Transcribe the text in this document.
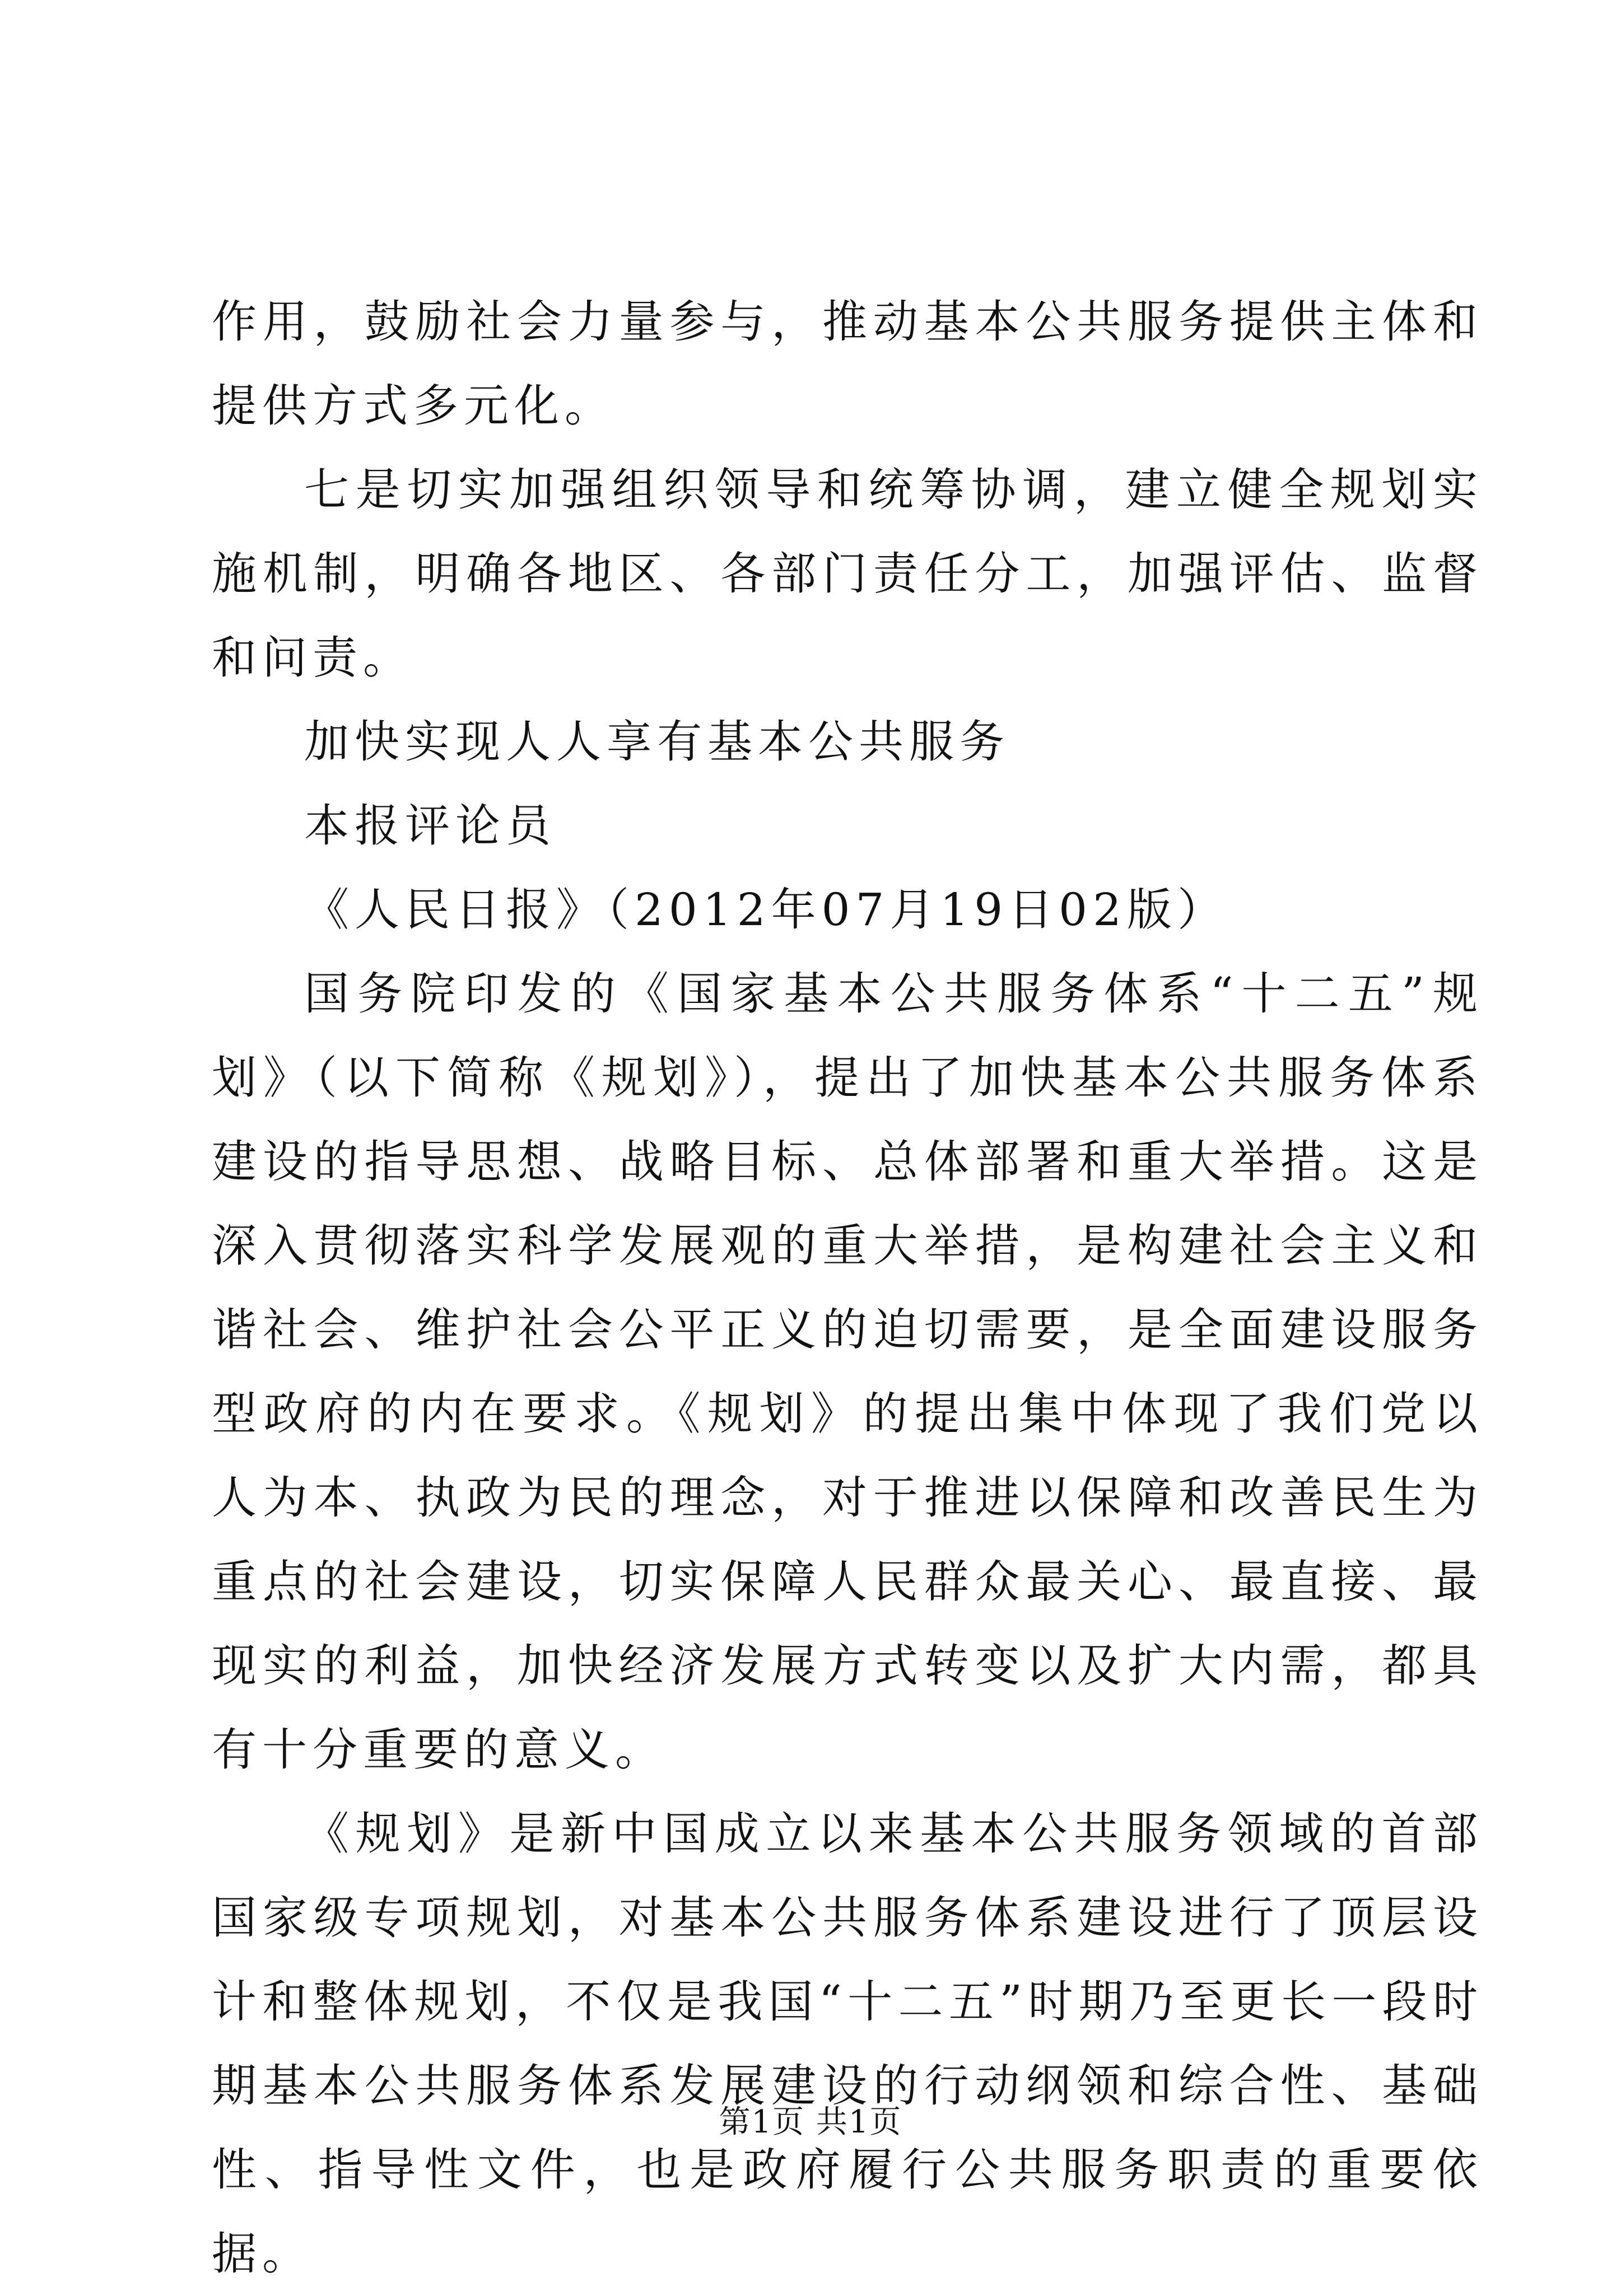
作用，鼓励社会力量参与，推动基本公共服务提供主体和提供方式多元化。

七是切实加强组织领导和统筹协调，建立健全规划实施机制，明确各地区、各部门责任分工，加强评估、监督和问责。

加快实现人人享有基本公共服务

本报评论员

《人民日报》（2012年07月19日02版）

国务院印发的《国家基本公共服务体系“十二五”规划》（以下简称《规划》），提出了加快基本公共服务体系建设的指导思想、战略目标、总体部署和重大举措。这是深入贯彻落实科学发展观的重大举措，是构建社会主义和谐社会、维护社会公平正义的迫切需要，是全面建设服务型政府的内在要求。《规划》的提出集中体现了我们党以人为本、执政为民的理念，对于推进以保障和改善民生为重点的社会建设，切实保障人民群众最关心、最直接、最现实的利益，加快经济发展方式转变以及扩大内需，都具有十分重要的意义。

《规划》是新中国成立以来基本公共服务领域的首部国家级专项规划，对基本公共服务体系建设进行了顶层设计和整体规划，不仅是我国“十二五”时期乃至更长一段时期基本公共服务体系发展建设的行动纲领和综合性、基础性、指导性文件，也是政府履行公共服务职责的重要依据。

第1页 共1页
